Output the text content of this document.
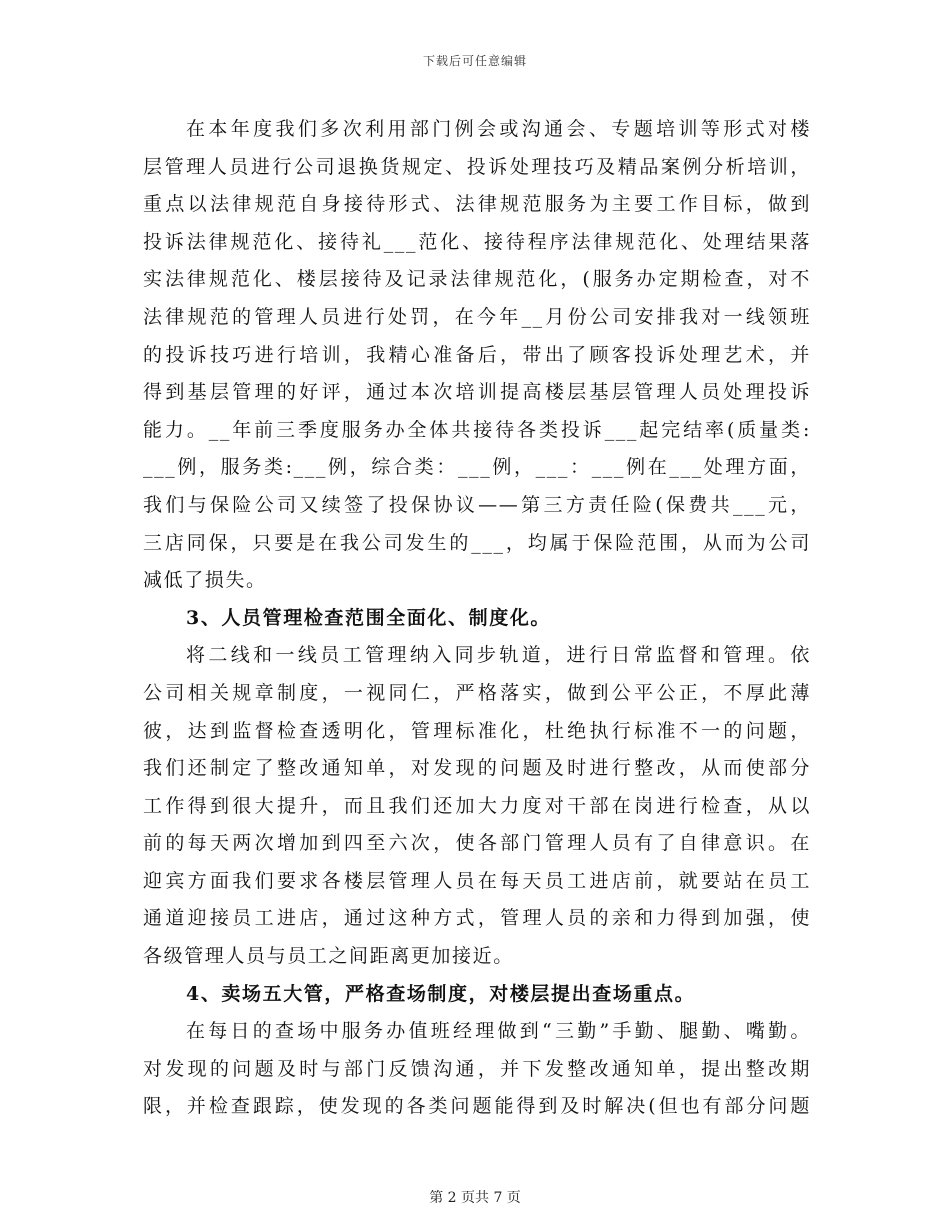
下载后可任意编辑
在本年度我们多次利用部门例会或沟通会、专题培训等形式对楼
层管理人员进行公司退换货规定、投诉处理技巧及精品案例分析培训，
重点以法律规范自身接待形式、法律规范服务为主要工作目标，做到
投诉法律规范化、接待礼___范化、接待程序法律规范化、处理结果落
实法律规范化、楼层接待及记录法律规范化，(服务办定期检查，对不
法律规范的管理人员进行处罚，在今年__月份公司安排我对一线领班
的投诉技巧进行培训，我精心准备后，带出了顾客投诉处理艺术，并
得到基层管理的好评，通过本次培训提高楼层基层管理人员处理投诉
能力。__年前三季度服务办全体共接待各类投诉___起完结率(质量类:
___例，服务类:___例，综合类：___例，___：___例在___处理方面，
我们与保险公司又续签了投保协议——第三方责任险(保费共___元，
三店同保，只要是在我公司发生的___，均属于保险范围，从而为公司
减低了损失。
3、人员管理检查范围全面化、制度化。
将二线和一线员工管理纳入同步轨道，进行日常监督和管理。依
公司相关规章制度，一视同仁，严格落实，做到公平公正，不厚此薄
彼，达到监督检查透明化，管理标准化，杜绝执行标准不一的问题，
我们还制定了整改通知单，对发现的问题及时进行整改，从而使部分
工作得到很大提升，而且我们还加大力度对干部在岗进行检查，从以
前的每天两次增加到四至六次，使各部门管理人员有了自律意识。在
迎宾方面我们要求各楼层管理人员在每天员工进店前，就要站在员工
通道迎接员工进店，通过这种方式，管理人员的亲和力得到加强，使
各级管理人员与员工之间距离更加接近。
4、卖场五大管，严格查场制度，对楼层提出查场重点。
在每日的查场中服务办值班经理做到“三勤”手勤、腿勤、嘴勤。
对发现的问题及时与部门反馈沟通，并下发整改通知单，提出整改期
限，并检查跟踪，使发现的各类问题能得到及时解决(但也有部分问题
第 2 页共 7 页
